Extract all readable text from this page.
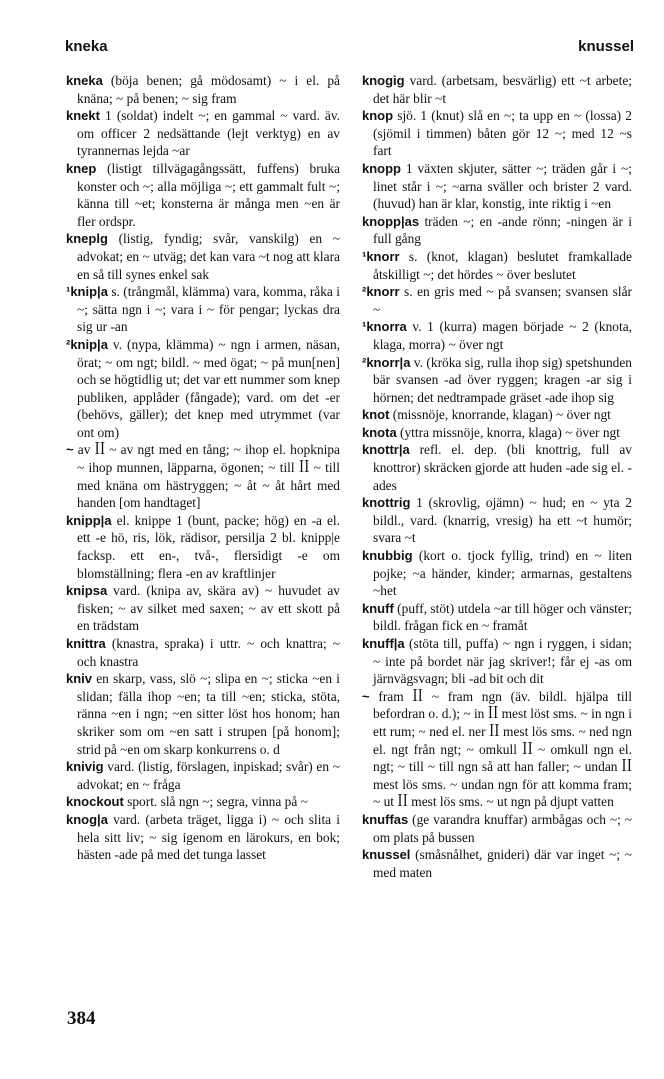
kneka	knussel

kneka (böja benen; gå mödosamt) ~ i el. på knäna; ~ på benen; ~ sig fram

knekt 1 (soldat) indelt ~; en gammal ~ vard. äv. om officer 2 nedsättande (lejt verktyg) en av tyrannernas lejda ~ar

knep (listigt tillvägagångssätt, fuffens) bruka konster och ~; alla möjliga ~; ett gammalt fult ~; känna till ~et; konsterna är många men ~en är fler ordspr.

kneplg (listig, fyndig; svår, vanskilg) en ~ advokat; en ~ utväg; det kan vara ~t nog att klara en så till synes enkel sak

¹knip|a s. (trångmål, klämma) vara, komma, råka i ~; sätta ngn i ~; vara i ~ för pengar; lyckas dra sig ur -an

²knip|a v. (nypa, klämma) ~ ngn i armen, näsan, örat; ~ om ngt; bildl. ~ med ögat; ~ på mun[nen] och se högtidlig ut; det var ett nummer som knep publiken, applåder (fångade); vard. om det -er (behövs, gäller); det knep med utrymmet (var ont om)

~ av ꟾꟾ ~ av ngt med en tång; ~ ihop el. hopknipa ~ ihop munnen, läpparna, ögonen; ~ till ꟾꟾ ~ till med knäna om hästryggen; ~ åt ~ åt hårt med handen [om handtaget]

knipp|a el. knippe 1 (bunt, packe; hög) en -a el. ett -e hö, ris, lök, rädisor, persilja 2 bl. knipp|e facksp. ett en-, två-, flersidigt -e om blomställning; flera -en av kraftlinjer

knipsa vard. (knipa av, skära av) ~ huvudet av fisken; ~ av silket med saxen; ~ av ett skott på en trädstam

knittra (knastra, spraka) i uttr. ~ och knattra; ~ och knastra

kniv en skarp, vass, slö ~; slipa en ~; sticka ~en i slidan; fälla ihop ~en; ta till ~en; sticka, stöta, ränna ~en i ngn; ~en sitter löst hos honom; han skriker som om ~en satt i strupen [på honom]; strid på ~en om skarp konkurrens o. d

knivig vard. (listig, förslagen, inpiskad; svår) en ~ advokat; en ~ fråga

knockout sport. slå ngn ~; segra, vinna på ~

knog|a vard. (arbeta träget, ligga i) ~ och slita i hela sitt liv; ~ sig igenom en lärokurs, en bok; hästen -ade på med det tunga lasset

knogig vard. (arbetsam, besvärlig) ett ~t arbete; det här blir ~t

knop sjö. 1 (knut) slå en ~; ta upp en ~ (lossa) 2 (sjömil i timmen) båten gör 12 ~; med 12 ~s fart

knopp 1 växten skjuter, sätter ~; träden går i ~; linet står i ~; ~arna sväller och brister 2 vard. (huvud) han är klar, konstig, inte riktig i ~en

knopp|as träden ~; en -ande rönn; -ningen är i full gång

¹knorr s. (knot, klagan) beslutet framkallade åtskilligt ~; det hördes ~ över beslutet

²knorr s. en gris med ~ på svansen; svansen slår ~

¹knorra v. 1 (kurra) magen började ~ 2 (knota, klaga, morra) ~ över ngt

²knorr|a v. (kröka sig, rulla ihop sig) spetshunden bär svansen -ad över ryggen; kragen -ar sig i hörnen; det nedtrampade gräset -ade ihop sig

knot (missnöje, knorrande, klagan) ~ över ngt

knota (yttra missnöje, knorra, klaga) ~ över ngt

knottr|a refl. el. dep. (bli knottrig, full av knottror) skräcken gjorde att huden -ade sig el. -ades

knottrig 1 (skrovlig, ojämn) ~ hud; en ~ yta 2 bildl., vard. (knarrig, vresig) ha ett ~t humör; svara ~t

knubbig (kort o. tjock fyllig, trind) en ~ liten pojke; ~a händer, kinder; armarnas, gestaltens ~het

knuff (puff, stöt) utdela ~ar till höger och vänster; bildl. frågan fick en ~ framåt

knuff|a (stöta till, puffa) ~ ngn i ryggen, i sidan; ~ inte på bordet när jag skriver!; får ej -as om järnvägsvagn; bli -ad bit och dit

~ fram ꟾꟾ ~ fram ngn (äv. bildl. hjälpa till befordran o. d.); ~ in ꟾꟾ mest löst sms. ~ in ngn i ett rum; ~ ned el. ner ꟾꟾ mest lös sms. ~ ned ngn el. ngt från ngt; ~ omkull ꟾꟾ ~ omkull ngn el. ngt; ~ till ~ till ngn så att han faller; ~ undan ꟾꟾ mest lös sms. ~ undan ngn för att komma fram; ~ ut ꟾꟾ mest lös sms. ~ ut ngn på djupt vatten

knuffas (ge varandra knuffar) armbågas och ~; ~ om plats på bussen

knussel (småsnålhet, gnideri) där var inget ~; ~ med maten

384
